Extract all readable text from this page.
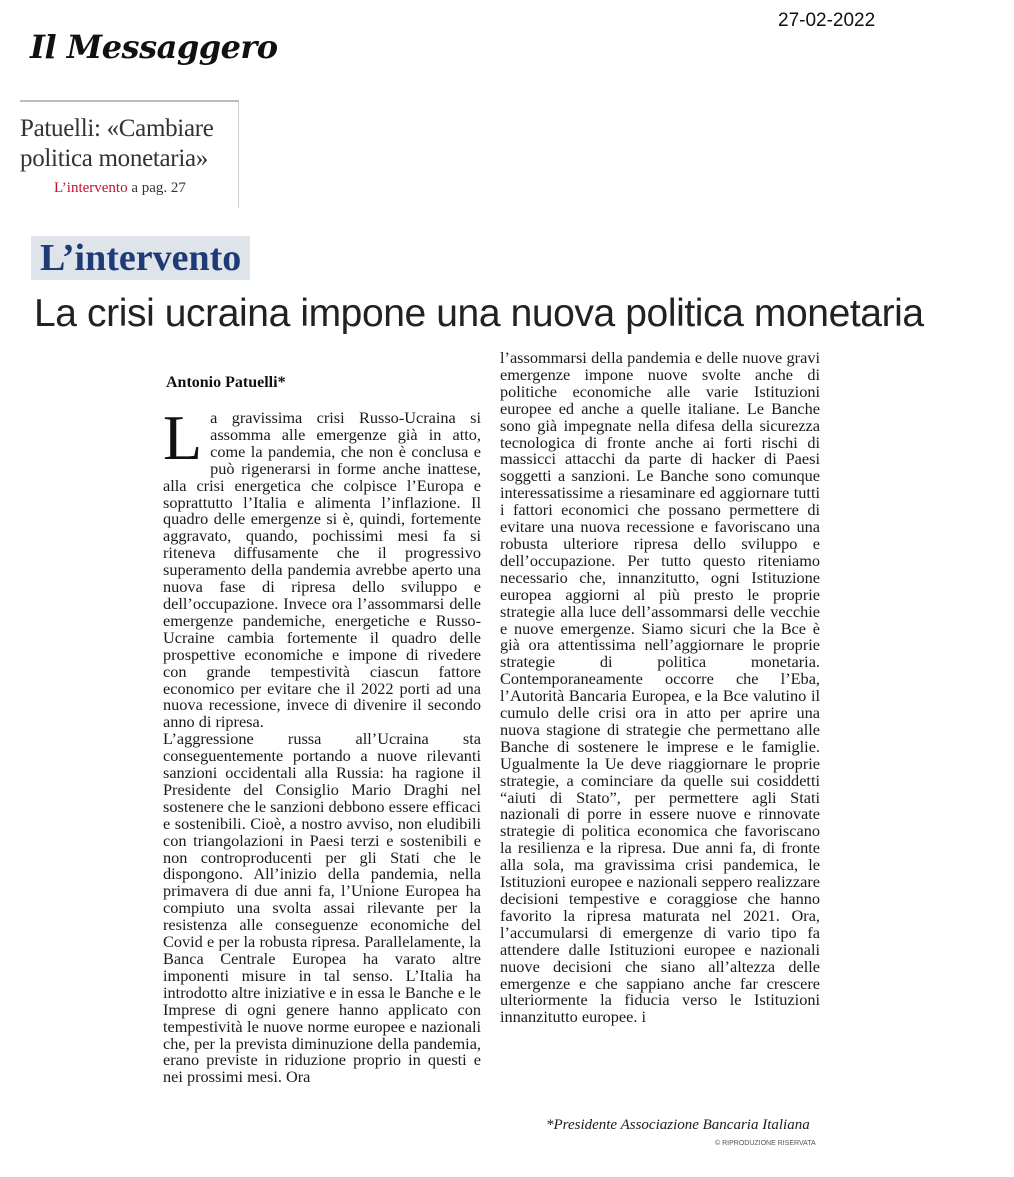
27-02-2022
Il Messaggero
Patuelli: «Cambiare politica monetaria»
L’intervento a pag. 27
L’intervento
La crisi ucraina impone una nuova politica monetaria
Antonio Patuelli*

La gravissima crisi Russo-Ucraina si assomma alle emergenze già in atto, come la pandemia, che non è conclusa e può rigenerarsi in forme anche inattese, alla crisi energetica che colpisce l’Europa e soprattutto l’Italia e alimenta l’inflazione. Il quadro delle emergenze si è, quindi, fortemente aggravato, quando, pochissimi mesi fa si riteneva diffusamente che il progressivo superamento della pandemia avrebbe aperto una nuova fase di ripresa dello sviluppo e dell’occupazione. Invece ora l’assommarsi delle emergenze pandemiche, energetiche e Russo-Ucraine cambia fortemente il quadro delle prospettive economiche e impone di rivedere con grande tempestività ciascun fattore economico per evitare che il 2022 porti ad una nuova recessione, invece di divenire il secondo anno di ripresa.

L’aggressione russa all’Ucraina sta conseguentemente portando a nuove rilevanti sanzioni occidentali alla Russia: ha ragione il Presidente del Consiglio Mario Draghi nel sostenere che le sanzioni debbono essere efficaci e sostenibili. Cioè, a nostro avviso, non eludibili con triangolazioni in Paesi terzi e sostenibili e non controproducenti per gli Stati che le dispongono. All’inizio della pandemia, nella primavera di due anni fa, l’Unione Europea ha compiuto una svolta assai rilevante per la resistenza alle conseguenze economiche del Covid e per la robusta ripresa. Parallelamente, la Banca Centrale Europea ha varato altre imponenti misure in tal senso. L’Italia ha introdotto altre iniziative e in essa le Banche e le Imprese di ogni genere hanno applicato con tempestività le nuove norme europee e nazionali che, per la prevista diminuzione della pandemia, erano previste in riduzione proprio in questi e nei prossimi mesi. Ora

l’assommarsi della pandemia e delle nuove gravi emergenze impone nuove svolte anche di politiche economiche alle varie Istituzioni europee ed anche a quelle italiane. Le Banche sono già impegnate nella difesa della sicurezza tecnologica di fronte anche ai forti rischi di massicci attacchi da parte di hacker di Paesi soggetti a sanzioni. Le Banche sono comunque interessatissime a riesaminare ed aggiornare tutti i fattori economici che possano permettere di evitare una nuova recessione e favoriscano una robusta ulteriore ripresa dello sviluppo e dell’occupazione. Per tutto questo riteniamo necessario che, innanzitutto, ogni Istituzione europea aggiorni al più presto le proprie strategie alla luce dell’assommarsi delle vecchie e nuove emergenze. Siamo sicuri che la Bce è già ora attentissima nell’aggiornare le proprie strategie di politica monetaria. Contemporaneamente occorre che l’Eba, l’Autorità Bancaria Europea, e la Bce valutino il cumulo delle crisi ora in atto per aprire una nuova stagione di strategie che permettano alle Banche di sostenere le imprese e le famiglie. Ugualmente la Ue deve riaggiornare le proprie strategie, a cominciare da quelle sui cosiddetti “aiuti di Stato”, per permettere agli Stati nazionali di porre in essere nuove e rinnovate strategie di politica economica che favoriscano la resilienza e la ripresa. Due anni fa, di fronte alla sola, ma gravissima crisi pandemica, le Istituzioni europee e nazionali seppero realizzare decisioni tempestive e coraggiose che hanno favorito la ripresa maturata nel 2021. Ora, l’accumularsi di emergenze di vario tipo fa attendere dalle Istituzioni europee e nazionali nuove decisioni che siano all’altezza delle emergenze e che sappiano anche far crescere ulteriormente la fiducia verso le Istituzioni innanzitutto europee. i

*Presidente Associazione Bancaria Italiana
© RIPRODUZIONE RISERVATA
